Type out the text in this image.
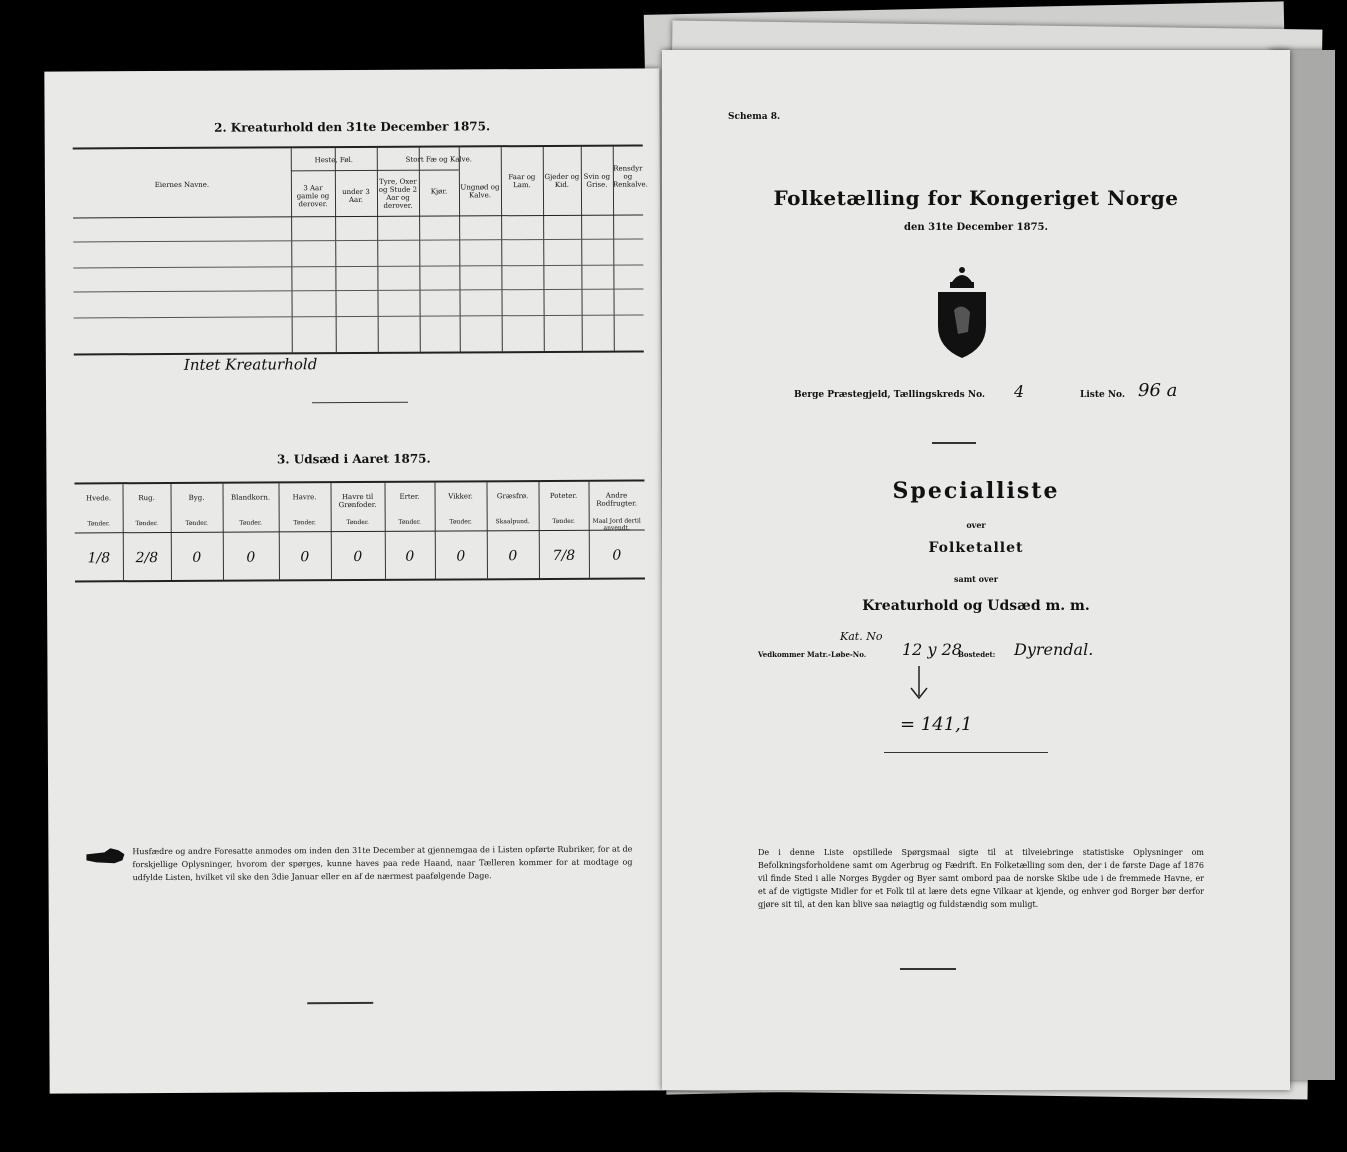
2. Kreaturhold den 31te December 1875.
Eiernes Navne.
Heste, Føl.
3 Aar gamle og derover.
under 3 Aar.
Stort Fæ og Kalve.
Tyre, Oxer og Stude 2 Aar og derover.
Kjør.
Ungnød og Kalve.
Faar og Lam.
Gjeder og Kid.
Svin og Grise.
Rensdyr og Renkalve.
Intet Kreaturhold
3. Udsæd i Aaret 1875.
Hvede.
Tønder.
1/8
Rug.
Tønder.
2/8
Byg.
Tønder.
0
Blandkorn.
Tønder.
0
Havre.
Tønder.
0
Havre til Grønfoder.
Tønder.
0
Erter.
Tønder.
0
Vikker.
Tønder.
0
Græsfrø.
Skaalpund.
0
Poteter.
Tønder.
7/8
Andre Rodfrugter.
Maal Jord dertil anvendt.
0
Husfædre og andre Foresatte anmodes om inden den 31te December at gjennemgaa de i Listen opførte Rubriker, for at de forskjellige Oplysninger, hvorom der spørges, kunne haves paa rede Haand, naar Tælleren kommer for at modtage og udfylde Listen, hvilket vil ske den 3die Januar eller en af de nærmest paafølgende Dage.
Schema 8.
Folketælling for Kongeriget Norge
den 31te December 1875.
Berge Præstegjeld, Tællingskreds No. 4	Liste No. 96 a
Specialliste
over
Folketallet
samt over
Kreaturhold og Udsæd m. m.
Kat. No
Vedkommer Matr.-Løbe-No. 12 y 28
Bostedet: Dyrendal.
= 141,1
De i denne Liste opstillede Spørgsmaal sigte til at tilveiebringe statistiske Oplysninger om Befolkningsforholdene samt om Agerbrug og Fædrift. En Folketælling som den, der i de første Dage af 1876 vil finde Sted i alle Norges Bygder og Byer samt ombord paa de norske Skibe ude i de fremmede Havne, er et af de vigtigste Midler for et Folk til at lære dets egne Vilkaar at kjende, og enhver god Borger bør derfor gjøre sit til, at den kan blive saa nøiagtig og fuldstændig som muligt.
